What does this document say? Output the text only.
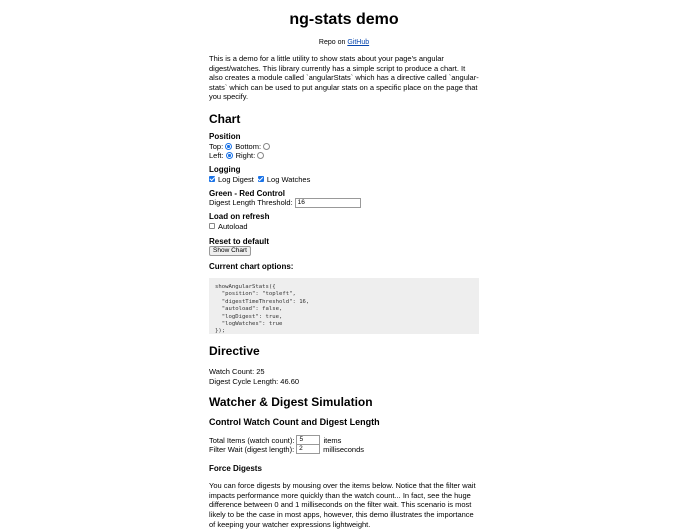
ng-stats demo
Repo on GitHub

This is a demo for a little utility to show stats about your page's angular digest/watches. This library currently has a simple script to produce a chart. It also creates a module called `angularStats` which has a directive called `angular-stats` which can be used to put angular stats on a specific place on the page that you specify.

Chart
Position
Top: Bottom:
Left: Right:
Logging
Log Digest Log Watches
Green - Red Control
Digest Length Threshold: 16
Load on refresh
Autoload
Reset to default
Show Chart
Current chart options:
showAngularStats({
"position": "topleft",
"digestTimeThreshold": 16,
"autoload": false,
"logDigest": true,
"logWatches": true
});
Directive
Watch Count: 25
Digest Cycle Length: 46.60
Watcher & Digest Simulation
Control Watch Count and Digest Length
Total Items (watch count): 5	items
Filter Wait (digest length): 2	milliseconds
Force Digests

You can force digests by mousing over the items below. Notice that the filter wait impacts performance more quickly than the watch count... In fact, see the huge difference between 0 and 1 milliseconds on the filter wait. This scenario is most likely to be the case in most apps, however, this demo illustrates the importance of keeping your watcher expressions lightweight.
